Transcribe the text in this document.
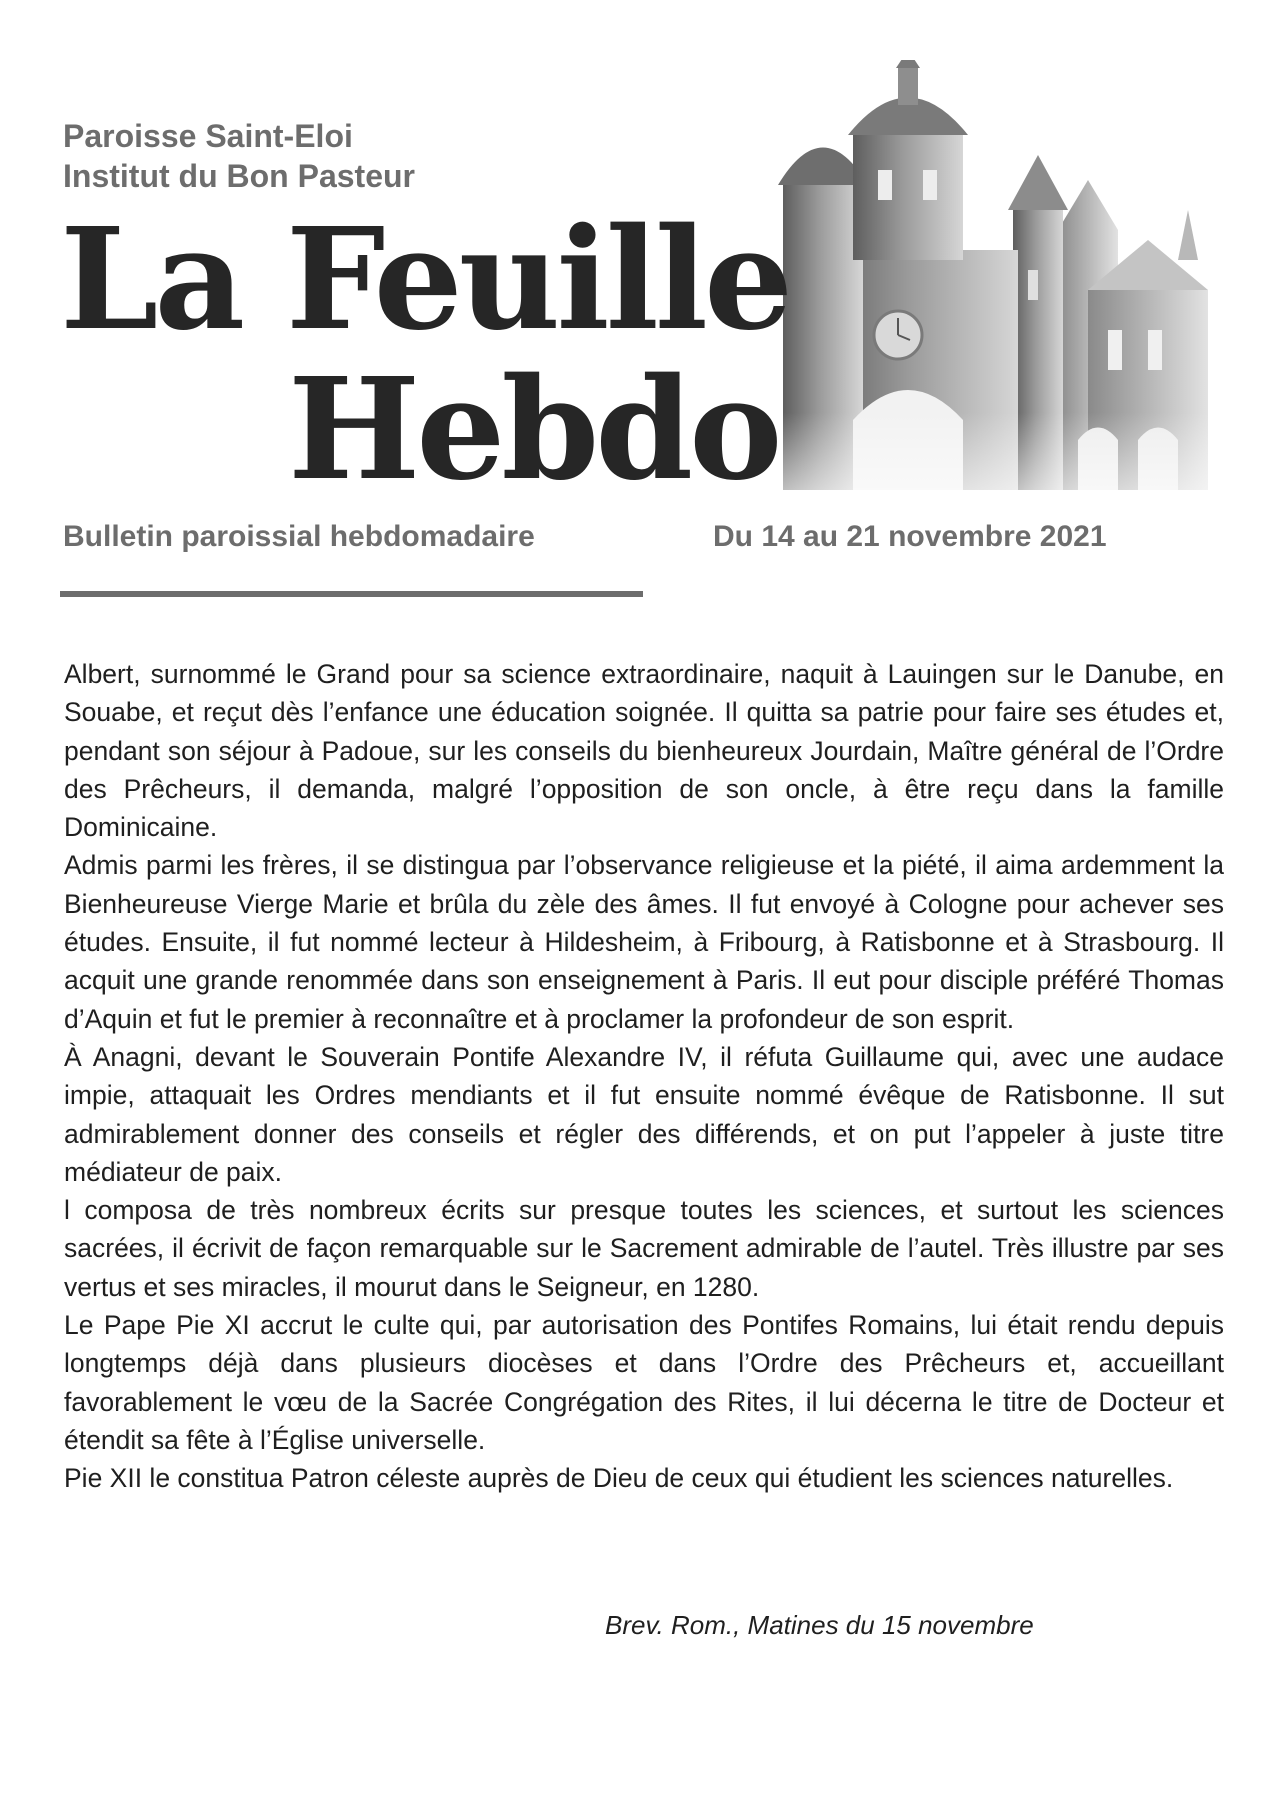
Paroisse Saint-Eloi
Institut du Bon Pasteur
La Feuille
Hebdo
Bulletin paroissial hebdomadaire	Du 14 au 21 novembre 2021

Albert, surnommé le Grand pour sa science extraordinaire, naquit à Lauingen sur le Danube, en Souabe, et reçut dès l’enfance une éducation soignée. Il quitta sa patrie pour faire ses études et, pendant son séjour à Padoue, sur les conseils du bienheureux Jourdain, Maître général de l’Ordre des Prêcheurs, il demanda, malgré l’opposition de son oncle, à être reçu dans la famille Dominicaine.

Admis parmi les frères, il se distingua par l’observance religieuse et la piété, il aima ardemment la Bienheureuse Vierge Marie et brûla du zèle des âmes. Il fut envoyé à Cologne pour achever ses études. Ensuite, il fut nommé lecteur à Hildesheim, à Fribourg, à Ratisbonne et à Strasbourg. Il acquit une grande renommée dans son enseignement à Paris. Il eut pour disciple préféré Thomas d’Aquin et fut le premier à reconnaître et à proclamer la profondeur de son esprit.

À Anagni, devant le Souverain Pontife Alexandre IV, il réfuta Guillaume qui, avec une audace impie, attaquait les Ordres mendiants et il fut ensuite nommé évêque de Ratisbonne. Il sut admirablement donner des conseils et régler des différends, et on put l’appeler à juste titre médiateur de paix.

l composa de très nombreux écrits sur presque toutes les sciences, et surtout les sciences sacrées, il écrivit de façon remarquable sur le Sacrement admirable de l’autel. Très illustre par ses vertus et ses miracles, il mourut dans le Seigneur, en 1280.

Le Pape Pie XI accrut le culte qui, par autorisation des Pontifes Romains, lui était rendu depuis longtemps déjà dans plusieurs diocèses et dans l’Ordre des Prêcheurs et, accueillant favorablement le vœu de la Sacrée Congrégation des Rites, il lui décerna le titre de Docteur et étendit sa fête à l’Église universelle.

Pie XII le constitua Patron céleste auprès de Dieu de ceux qui étudient les sciences naturelles.

Brev. Rom., Matines du 15 novembre
